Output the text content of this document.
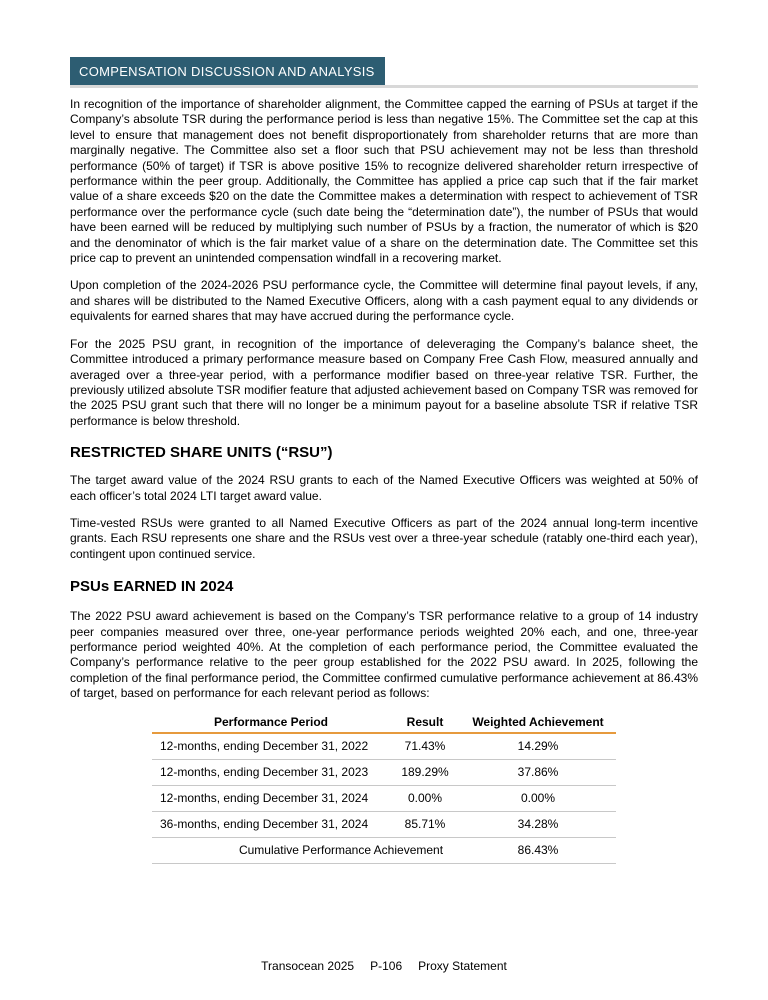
COMPENSATION DISCUSSION AND ANALYSIS

In recognition of the importance of shareholder alignment, the Committee capped the earning of PSUs at target if the Company’s absolute TSR during the performance period is less than negative 15%. The Committee set the cap at this level to ensure that management does not benefit disproportionately from shareholder returns that are more than marginally negative. The Committee also set a floor such that PSU achievement may not be less than threshold performance (50% of target) if TSR is above positive 15% to recognize delivered shareholder return irrespective of performance within the peer group. Additionally, the Committee has applied a price cap such that if the fair market value of a share exceeds $20 on the date the Committee makes a determination with respect to achievement of TSR performance over the performance cycle (such date being the “determination date”), the number of PSUs that would have been earned will be reduced by multiplying such number of PSUs by a fraction, the numerator of which is $20 and the denominator of which is the fair market value of a share on the determination date. The Committee set this price cap to prevent an unintended compensation windfall in a recovering market.

Upon completion of the 2024-2026 PSU performance cycle, the Committee will determine final payout levels, if any, and shares will be distributed to the Named Executive Officers, along with a cash payment equal to any dividends or equivalents for earned shares that may have accrued during the performance cycle.

For the 2025 PSU grant, in recognition of the importance of deleveraging the Company’s balance sheet, the Committee introduced a primary performance measure based on Company Free Cash Flow, measured annually and averaged over a three-year period, with a performance modifier based on three-year relative TSR. Further, the previously utilized absolute TSR modifier feature that adjusted achievement based on Company TSR was removed for the 2025 PSU grant such that there will no longer be a minimum payout for a baseline absolute TSR if relative TSR performance is below threshold.

RESTRICTED SHARE UNITS (“RSU”)

The target award value of the 2024 RSU grants to each of the Named Executive Officers was weighted at 50% of each officer’s total 2024 LTI target award value.

Time-vested RSUs were granted to all Named Executive Officers as part of the 2024 annual long-term incentive grants. Each RSU represents one share and the RSUs vest over a three-year schedule (ratably one-third each year), contingent upon continued service.

PSUs EARNED IN 2024

The 2022 PSU award achievement is based on the Company’s TSR performance relative to a group of 14 industry peer companies measured over three, one-year performance periods weighted 20% each, and one, three-year performance period weighted 40%. At the completion of each performance period, the Committee evaluated the Company’s performance relative to the peer group established for the 2022 PSU award. In 2025, following the completion of the final performance period, the Committee confirmed cumulative performance achievement at 86.43% of target, based on performance for each relevant period as follows:

Performance Period	Result	Weighted Achievement
12-months, ending December 31, 2022	71.43%	14.29%
12-months, ending December 31, 2023	189.29%	37.86%
12-months, ending December 31, 2024	0.00%	0.00%
36-months, ending December 31, 2024	85.71%	34.28%
Cumulative Performance Achievement		86.43%
Transocean 2025 P-106 Proxy Statement
